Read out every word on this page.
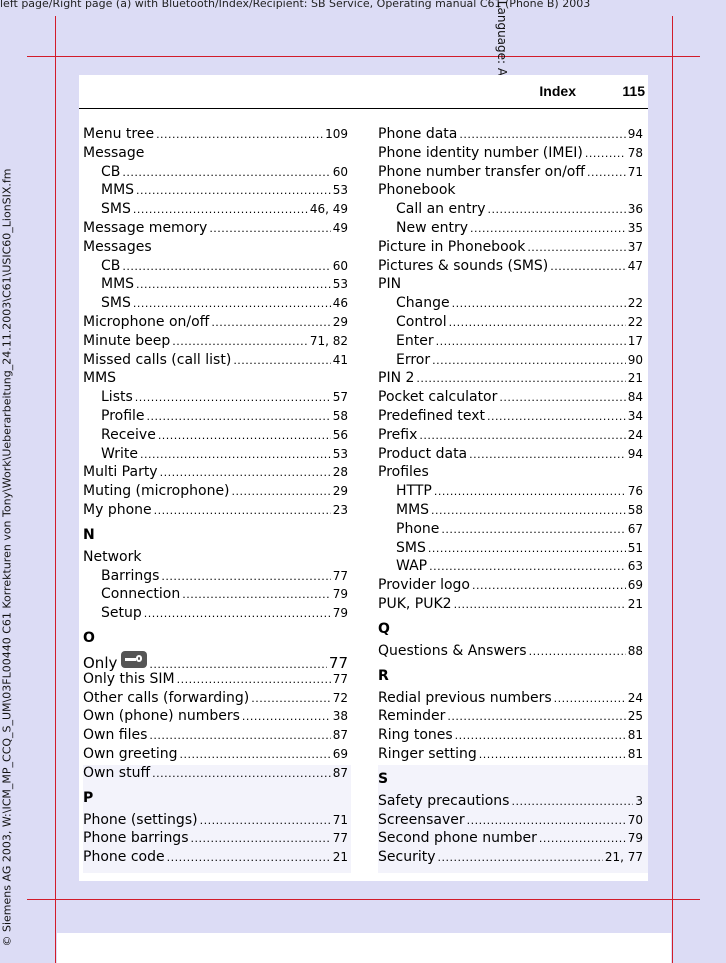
left page/Right page (a) with Bluetooth/Index/Recipient: SB Service, Operating manual C61 (Phone B) 2003
© Siemens AG 2003, W:\ICM_MP_CCQ_S_UM\03FL00440 C61 Korrekturen von Tony\Work\Ueberarbeitung_24.11.2003\C61\USIC60_LionSIX.fm
Index	115
Menu tree .....	109
Message
CB .....	60
MMS .....	53
SMS .....	46, 49
Message memory .....	49
Messages
CB .....	60
MMS .....	53
SMS .....	46
Microphone on/off .....	29
Minute beep .....	71, 82
Missed calls (call list) .....	41
MMS
Lists .....	57
Profile .....	58
Receive .....	56
Write .....	53
Multi Party .....	28
Muting (microphone) .....	29
My phone .....	23
N
Network
Barrings .....	77
Connection .....	79
Setup .....	79
O
Only .....	77
Only this SIM .....	77
Other calls (forwarding) .....	72
Own (phone) numbers .....	38
Own files .....	87
Own greeting .....	69
Own stuff .....	87
P
Phone (settings) .....	71
Phone barrings .....	77
Phone code .....	21
Phone data .....	94
Phone identity number (IMEI) .....	78
Phone number transfer on/off .....	71
Phonebook
Call an entry .....	36
New entry .....	35
Picture in Phonebook .....	37
Pictures & sounds (SMS) .....	47
PIN
Change .....	22
Control .....	22
Enter .....	17
Error .....	90
PIN 2 .....	21
Pocket calculator .....	84
Predefined text .....	34
Prefix .....	24
Product data .....	94
Profiles
HTTP .....	76
MMS .....	58
Phone .....	67
SMS .....	51
WAP .....	63
Provider logo .....	69
PUK, PUK2 .....	21
Q
Questions & Answers .....	88
R
Redial previous numbers .....	24
Reminder .....	25
Ring tones .....	81
Ringer setting .....	81
S
Safety precautions .....	3
Screensaver .....	70
Second phone number .....	79
Security .....	21, 77
